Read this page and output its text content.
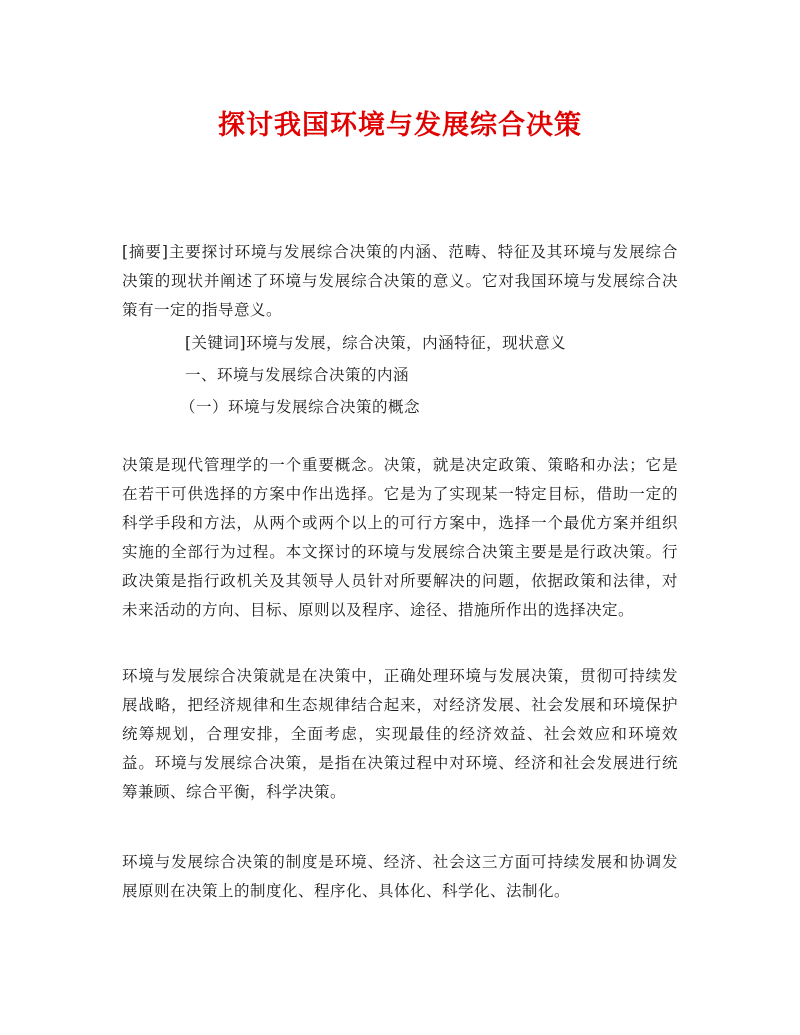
探讨我国环境与发展综合决策
[摘要]主要探讨环境与发展综合决策的内涵、范畴、特征及其环境与发展综合决策的现状并阐述了环境与发展综合决策的意义。它对我国环境与发展综合决策有一定的指导意义。
[关键词]环境与发展，综合决策，内涵特征，现状意义
一、环境与发展综合决策的内涵
（一）环境与发展综合决策的概念
决策是现代管理学的一个重要概念。决策，就是决定政策、策略和办法；它是在若干可供选择的方案中作出选择。它是为了实现某一特定目标，借助一定的科学手段和方法，从两个或两个以上的可行方案中，选择一个最优方案并组织实施的全部行为过程。本文探讨的环境与发展综合决策主要是是行政决策。行政决策是指行政机关及其领导人员针对所要解决的问题，依据政策和法律，对未来活动的方向、目标、原则以及程序、途径、措施所作出的选择决定。
环境与发展综合决策就是在决策中，正确处理环境与发展决策，贯彻可持续发展战略，把经济规律和生态规律结合起来，对经济发展、社会发展和环境保护统筹规划，合理安排，全面考虑，实现最佳的经济效益、社会效应和环境效益。环境与发展综合决策，是指在决策过程中对环境、经济和社会发展进行统筹兼顾、综合平衡，科学决策。
环境与发展综合决策的制度是环境、经济、社会这三方面可持续发展和协调发展原则在决策上的制度化、程序化、具体化、科学化、法制化。
